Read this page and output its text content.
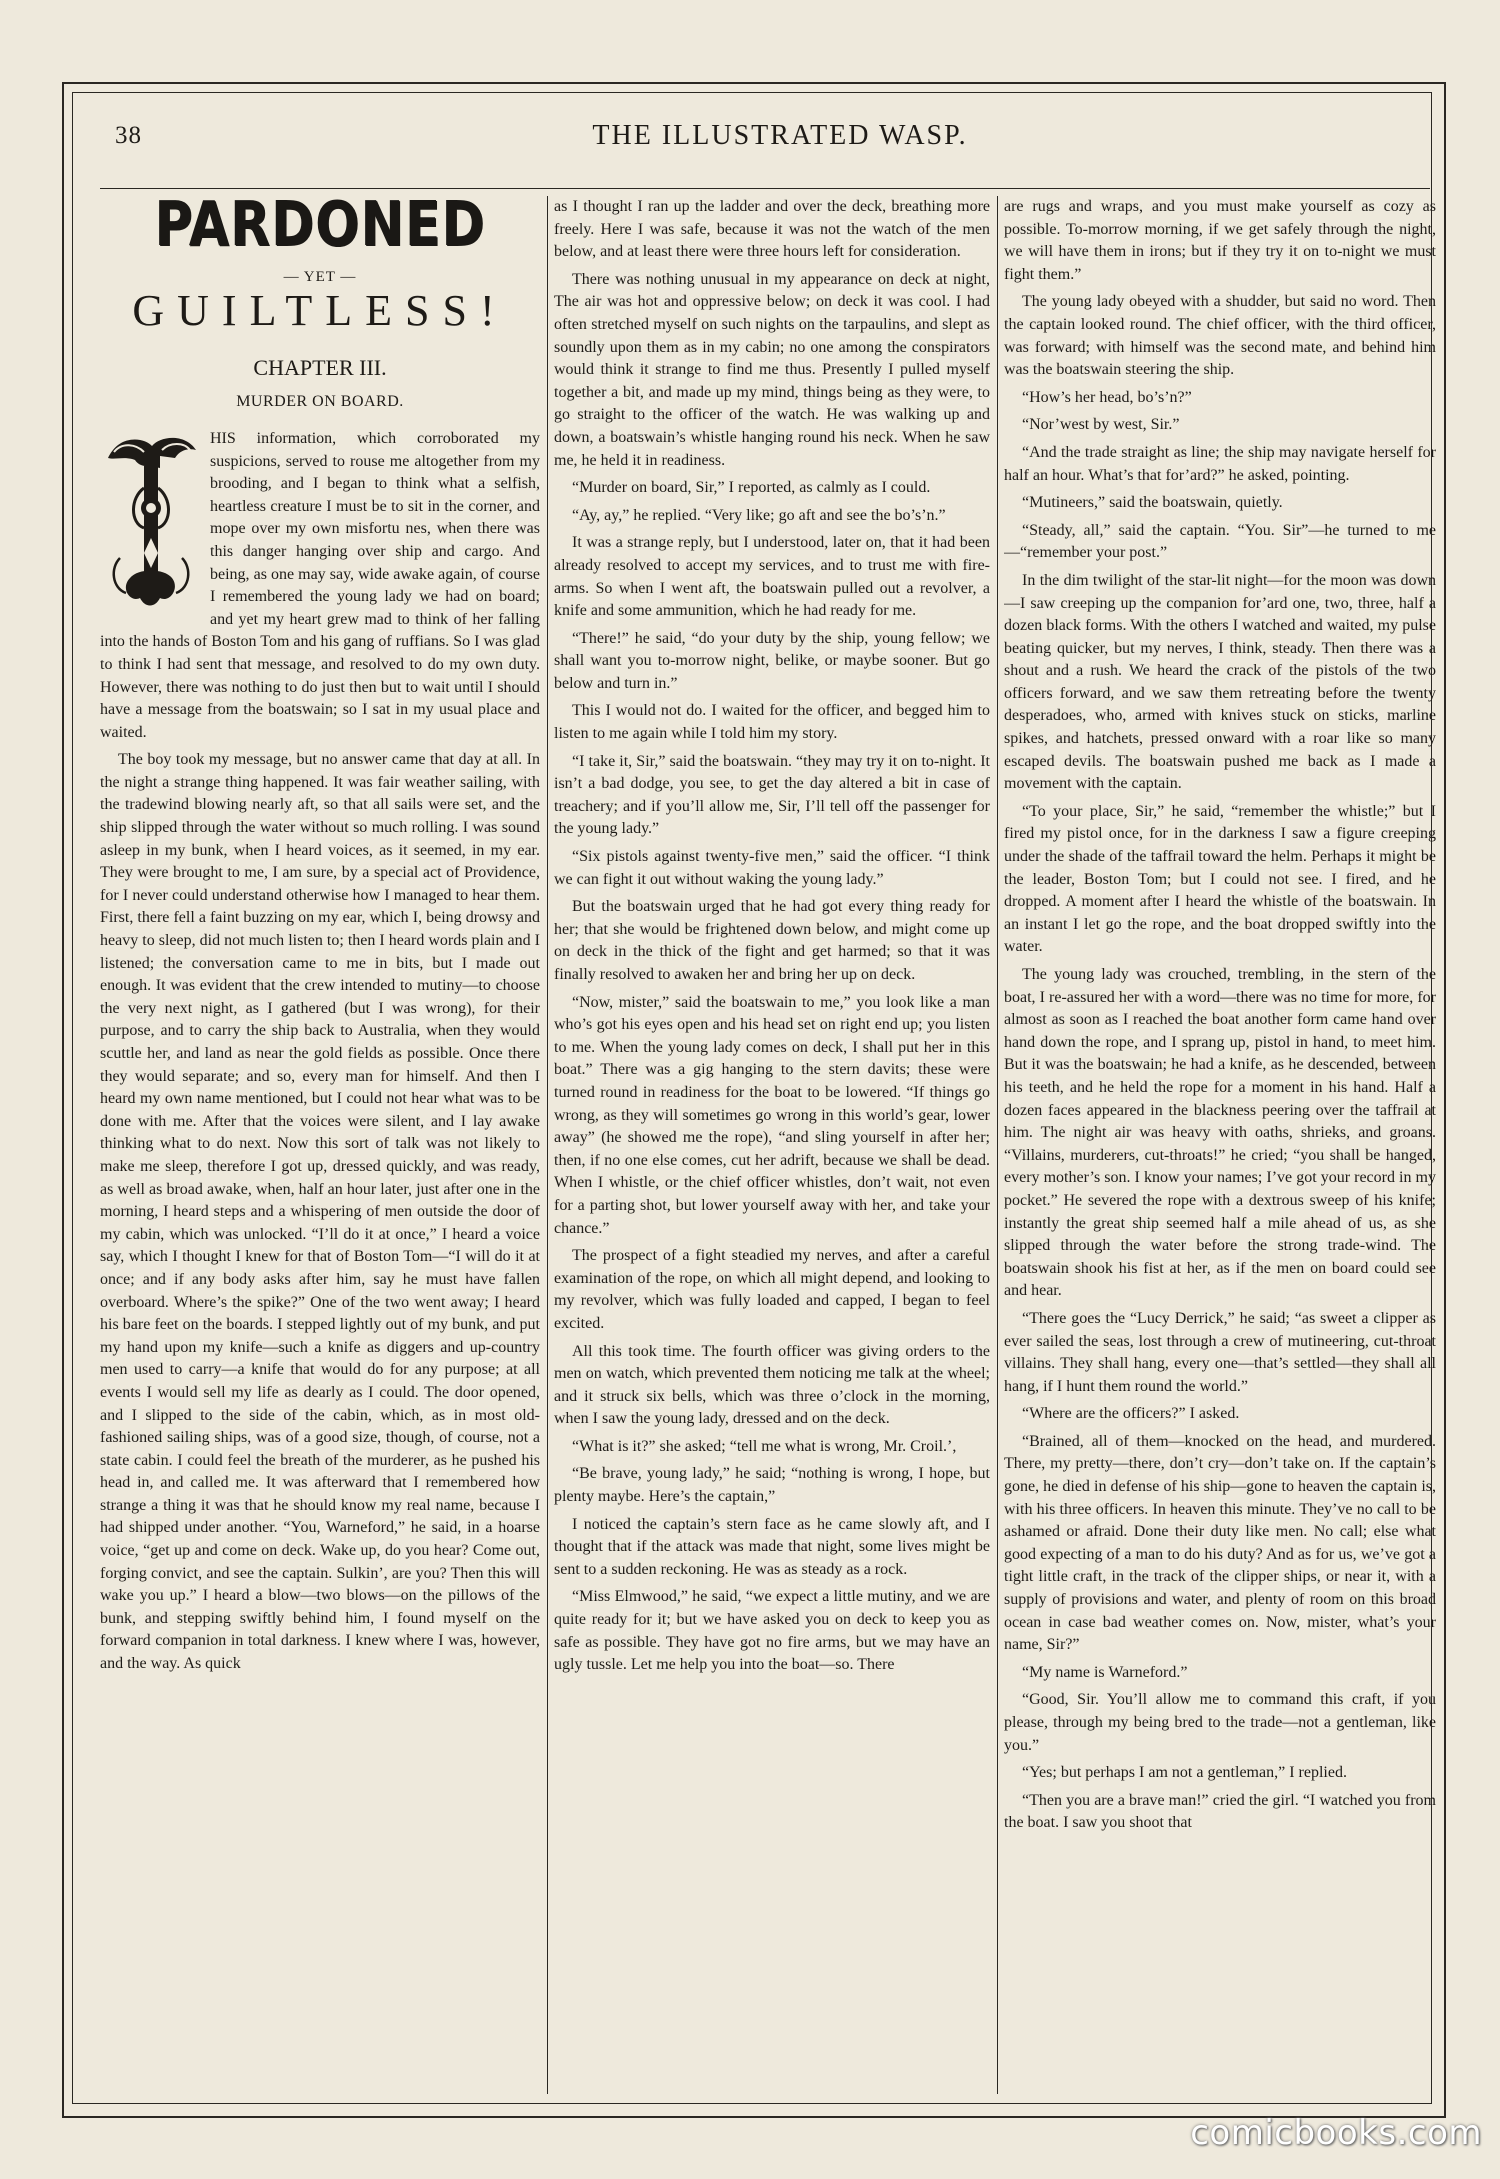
38	THE ILLUSTRATED WASP.
PARDONED
— YET —
GUILTLESS!
CHAPTER III.
MURDER ON BOARD.

HIS information, which corroborated my suspicions, served to rouse me altogether from my brooding, and I began to think what a selfish, heartless creature I must be to sit in the corner, and mope over my own misfortu nes, when there was this danger hanging over ship and cargo. And being, as one may say, wide awake again, of course I remembered the young lady we had on board; and yet my heart grew mad to think of her falling into the hands of Boston Tom and his gang of ruffians. So I was glad to think I had sent that message, and resolved to do my own duty. However, there was nothing to do just then but to wait until I should have a message from the boatswain; so I sat in my usual place and waited.

The boy took my message, but no answer came that day at all. In the night a strange thing happened. It was fair weather sailing, with the tradewind blowing nearly aft, so that all sails were set, and the ship slipped through the water without so much rolling. I was sound asleep in my bunk, when I heard voices, as it seemed, in my ear. They were brought to me, I am sure, by a special act of Providence, for I never could understand otherwise how I managed to hear them. First, there fell a faint buzzing on my ear, which I, being drowsy and heavy to sleep, did not much listen to; then I heard words plain and I listened; the conversation came to me in bits, but I made out enough. It was evident that the crew intended to mutiny—to choose the very next night, as I gathered (but I was wrong), for their purpose, and to carry the ship back to Australia, when they would scuttle her, and land as near the gold fields as possible. Once there they would separate; and so, every man for himself. And then I heard my own name mentioned, but I could not hear what was to be done with me. After that the voices were silent, and I lay awake thinking what to do next. Now this sort of talk was not likely to make me sleep, therefore I got up, dressed quickly, and was ready, as well as broad awake, when, half an hour later, just after one in the morning, I heard steps and a whispering of men outside the door of my cabin, which was unlocked. “I’ll do it at once,” I heard a voice say, which I thought I knew for that of Boston Tom—“I will do it at once; and if any body asks after him, say he must have fallen overboard. Where’s the spike?” One of the two went away; I heard his bare feet on the boards. I stepped lightly out of my bunk, and put my hand upon my knife—such a knife as diggers and up-country men used to carry—a knife that would do for any purpose; at all events I would sell my life as dearly as I could. The door opened, and I slipped to the side of the cabin, which, as in most old-fashioned sailing ships, was of a good size, though, of course, not a state cabin. I could feel the breath of the murderer, as he pushed his head in, and called me. It was afterward that I remembered how strange a thing it was that he should know my real name, because I had shipped under another. “You, Warneford,” he said, in a hoarse voice, “get up and come on deck. Wake up, do you hear? Come out, forging convict, and see the captain. Sulkin’, are you? Then this will wake you up.” I heard a blow—two blows—on the pillows of the bunk, and stepping swiftly behind him, I found myself on the forward companion in total darkness. I knew where I was, however, and the way. As quick

as I thought I ran up the ladder and over the deck, breathing more freely. Here I was safe, because it was not the watch of the men below, and at least there were three hours left for consideration.

There was nothing unusual in my appearance on deck at night, The air was hot and oppressive below; on deck it was cool. I had often stretched myself on such nights on the tarpaulins, and slept as soundly upon them as in my cabin; no one among the conspirators would think it strange to find me thus. Presently I pulled myself together a bit, and made up my mind, things being as they were, to go straight to the officer of the watch. He was walking up and down, a boatswain’s whistle hanging round his neck. When he saw me, he held it in readiness.

“Murder on board, Sir,” I reported, as calmly as I could.

“Ay, ay,” he replied. “Very like; go aft and see the bo’s’n.”

It was a strange reply, but I understood, later on, that it had been already resolved to accept my services, and to trust me with fire-arms. So when I went aft, the boatswain pulled out a revolver, a knife and some ammunition, which he had ready for me.

“There!” he said, “do your duty by the ship, young fellow; we shall want you to-morrow night, belike, or maybe sooner. But go below and turn in.”

This I would not do. I waited for the officer, and begged him to listen to me again while I told him my story.

“I take it, Sir,” said the boatswain. “they may try it on to-night. It isn’t a bad dodge, you see, to get the day altered a bit in case of treachery; and if you’ll allow me, Sir, I’ll tell off the passenger for the young lady.”

“Six pistols against twenty-five men,” said the officer. “I think we can fight it out without waking the young lady.”

But the boatswain urged that he had got every thing ready for her; that she would be frightened down below, and might come up on deck in the thick of the fight and get harmed; so that it was finally resolved to awaken her and bring her up on deck.

“Now, mister,” said the boatswain to me,” you look like a man who’s got his eyes open and his head set on right end up; you listen to me. When the young lady comes on deck, I shall put her in this boat.” There was a gig hanging to the stern davits; these were turned round in readiness for the boat to be lowered. “If things go wrong, as they will sometimes go wrong in this world’s gear, lower away” (he showed me the rope), “and sling yourself in after her; then, if no one else comes, cut her adrift, because we shall be dead. When I whistle, or the chief officer whistles, don’t wait, not even for a parting shot, but lower yourself away with her, and take your chance.”

The prospect of a fight steadied my nerves, and after a careful examination of the rope, on which all might depend, and looking to my revolver, which was fully loaded and capped, I began to feel excited.

All this took time. The fourth officer was giving orders to the men on watch, which prevented them noticing me talk at the wheel; and it struck six bells, which was three o’clock in the morning, when I saw the young lady, dressed and on the deck.

“What is it?” she asked; “tell me what is wrong, Mr. Croil.’,

“Be brave, young lady,” he said; “nothing is wrong, I hope, but plenty maybe. Here’s the captain,”

I noticed the captain’s stern face as he came slowly aft, and I thought that if the attack was made that night, some lives might be sent to a sudden reckoning. He was as steady as a rock.

“Miss Elmwood,” he said, “we expect a little mutiny, and we are quite ready for it; but we have asked you on deck to keep you as safe as possible. They have got no fire arms, but we may have an ugly tussle. Let me help you into the boat—so. There

are rugs and wraps, and you must make yourself as cozy as possible. To-morrow morning, if we get safely through the night, we will have them in irons; but if they try it on to-night we must fight them.”

The young lady obeyed with a shudder, but said no word. Then the captain looked round. The chief officer, with the third officer, was forward; with himself was the second mate, and behind him was the boatswain steering the ship.

“How’s her head, bo’s’n?”

“Nor’west by west, Sir.”

“And the trade straight as line; the ship may navigate herself for half an hour. What’s that for’ard?” he asked, pointing.

“Mutineers,” said the boatswain, quietly.

“Steady, all,” said the captain. “You. Sir”—he turned to me—“remember your post.”

In the dim twilight of the star-lit night—for the moon was down—I saw creeping up the companion for’ard one, two, three, half a dozen black forms. With the others I watched and waited, my pulse beating quicker, but my nerves, I think, steady. Then there was a shout and a rush. We heard the crack of the pistols of the two officers forward, and we saw them retreating before the twenty desperadoes, who, armed with knives stuck on sticks, marline spikes, and hatchets, pressed onward with a roar like so many escaped devils. The boatswain pushed me back as I made a movement with the captain.

“To your place, Sir,” he said, “remember the whistle;” but I fired my pistol once, for in the darkness I saw a figure creeping under the shade of the taffrail toward the helm. Perhaps it might be the leader, Boston Tom; but I could not see. I fired, and he dropped. A moment after I heard the whistle of the boatswain. In an instant I let go the rope, and the boat dropped swiftly into the water.

The young lady was crouched, trembling, in the stern of the boat, I re-assured her with a word—there was no time for more, for almost as soon as I reached the boat another form came hand over hand down the rope, and I sprang up, pistol in hand, to meet him. But it was the boatswain; he had a knife, as he descended, between his teeth, and he held the rope for a moment in his hand. Half a dozen faces appeared in the blackness peering over the taffrail at him. The night air was heavy with oaths, shrieks, and groans. “Villains, murderers, cut-throats!” he cried; “you shall be hanged, every mother’s son. I know your names; I’ve got your record in my pocket.” He severed the rope with a dextrous sweep of his knife; instantly the great ship seemed half a mile ahead of us, as she slipped through the water before the strong trade-wind. The boatswain shook his fist at her, as if the men on board could see and hear.

“There goes the “Lucy Derrick,” he said; “as sweet a clipper as ever sailed the seas, lost through a crew of mutineering, cut-throat villains. They shall hang, every one—that’s settled—they shall all hang, if I hunt them round the world.”

“Where are the officers?” I asked.

“Brained, all of them—knocked on the head, and murdered. There, my pretty—there, don’t cry—don’t take on. If the captain’s gone, he died in defense of his ship—gone to heaven the captain is, with his three officers. In heaven this minute. They’ve no call to be ashamed or afraid. Done their duty like men. No call; else what good expecting of a man to do his duty? And as for us, we’ve got a tight little craft, in the track of the clipper ships, or near it, with a supply of provisions and water, and plenty of room on this broad ocean in case bad weather comes on. Now, mister, what’s your name, Sir?”

“My name is Warneford.”

“Good, Sir. You’ll allow me to command this craft, if you please, through my being bred to the trade—not a gentleman, like you.”

“Yes; but perhaps I am not a gentleman,” I replied.

“Then you are a brave man!” cried the girl. “I watched you from the boat. I saw you shoot that

comicbooks.com
